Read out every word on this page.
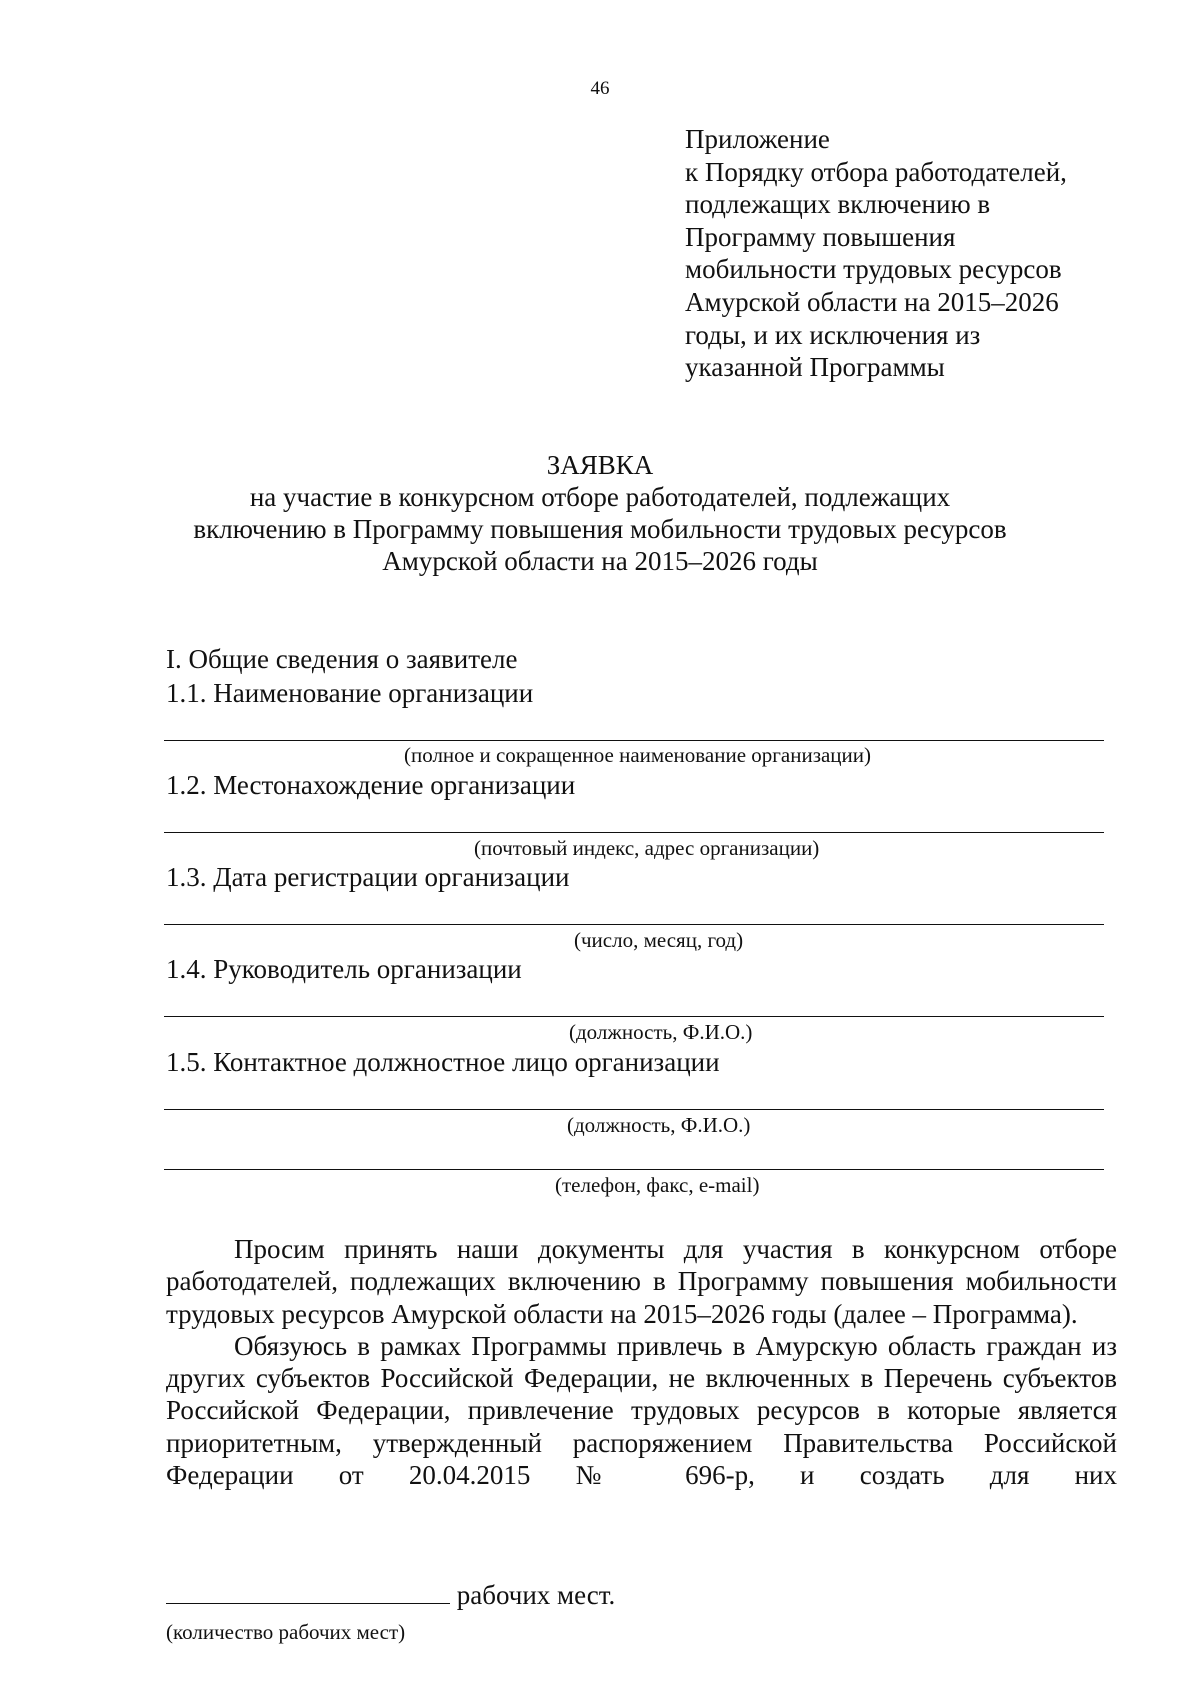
46
Приложение
к Порядку отбора работодателей,
подлежащих включению в
Программу повышения
мобильности трудовых ресурсов
Амурской области на 2015–2026
годы, и их исключения из
указанной Программы
ЗАЯВКА
на участие в конкурсном отборе работодателей, подлежащих
включению в Программу повышения мобильности трудовых ресурсов
Амурской области на 2015–2026 годы
I. Общие сведения о заявителе
1.1. Наименование организации
(полное и сокращенное наименование организации)
1.2. Местонахождение организации
(почтовый индекс, адрес организации)
1.3. Дата регистрации организации
(число, месяц, год)
1.4. Руководитель организации
(должность, Ф.И.О.)
1.5. Контактное должностное лицо организации
(должность, Ф.И.О.)
(телефон, факс, e-mail)

Просим принять наши документы для участия в конкурсном отборе работодателей, подлежащих включению в Программу повышения мобильности трудовых ресурсов Амурской области на 2015–2026 годы (далее – Программа).

Обязуюсь в рамках Программы привлечь в Амурскую область граждан из других субъектов Российской Федерации, не включенных в Перечень субъектов Российской Федерации, привлечение трудовых ресурсов в которые является приоритетным, утвержденный распоряжением Правительства Российской Федерации от 20.04.2015 № 696-р, и создать для них

рабочих мест.
(количество рабочих мест)
